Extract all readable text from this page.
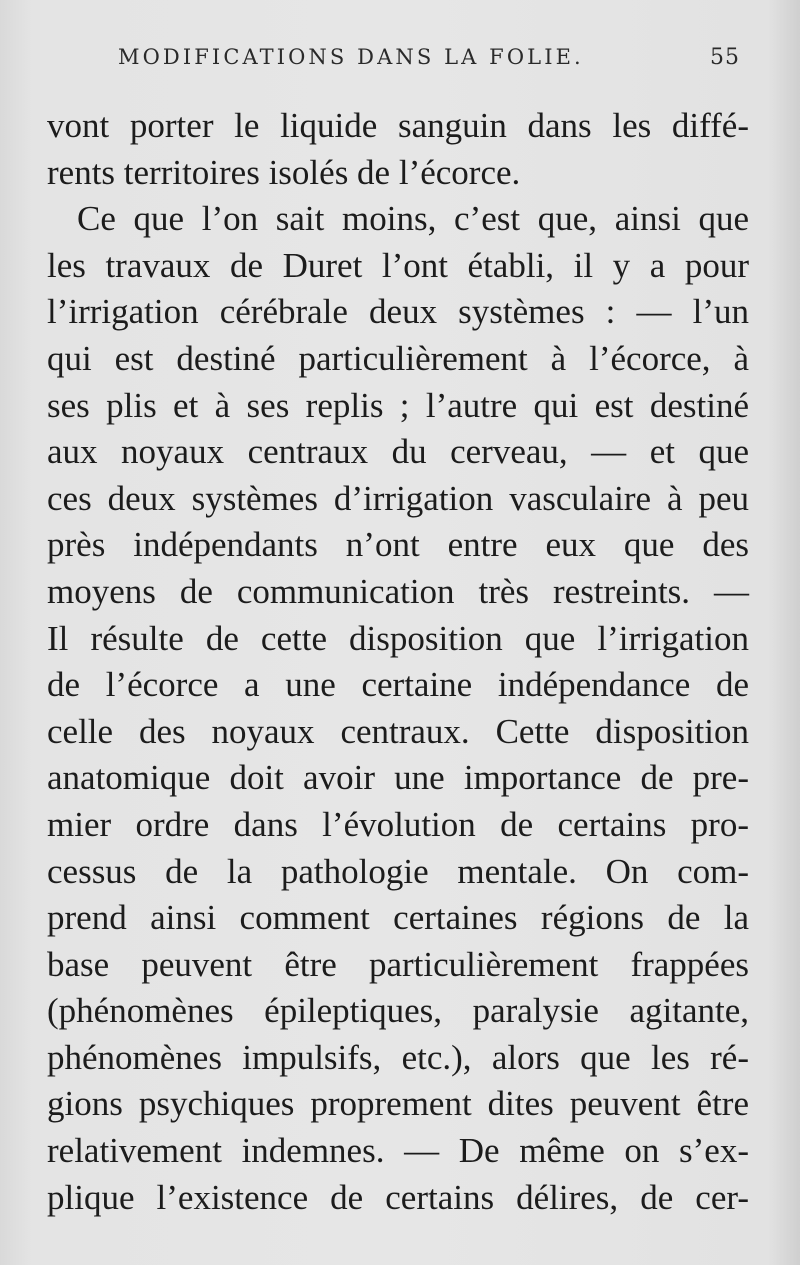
MODIFICATIONS DANS LA FOLIE.	55
vont porter le liquide sanguin dans les diffé-
rents territoires isolés de l’écorce.
Ce que l’on sait moins, c’est que, ainsi que
les travaux de Duret l’ont établi, il y a pour
l’irrigation cérébrale deux systèmes : — l’un
qui est destiné particulièrement à l’écorce, à
ses plis et à ses replis ; l’autre qui est destiné
aux noyaux centraux du cerveau, — et que
ces deux systèmes d’irrigation vasculaire à peu
près indépendants n’ont entre eux que des
moyens de communication très restreints. —
Il résulte de cette disposition que l’irrigation
de l’écorce a une certaine indépendance de
celle des noyaux centraux. Cette disposition
anatomique doit avoir une importance de pre-
mier ordre dans l’évolution de certains pro-
cessus de la pathologie mentale. On com-
prend ainsi comment certaines régions de la
base peuvent être particulièrement frappées
(phénomènes épileptiques, paralysie agitante,
phénomènes impulsifs, etc.), alors que les ré-
gions psychiques proprement dites peuvent être
relativement indemnes. — De même on s’ex-
plique l’existence de certains délires, de cer-
